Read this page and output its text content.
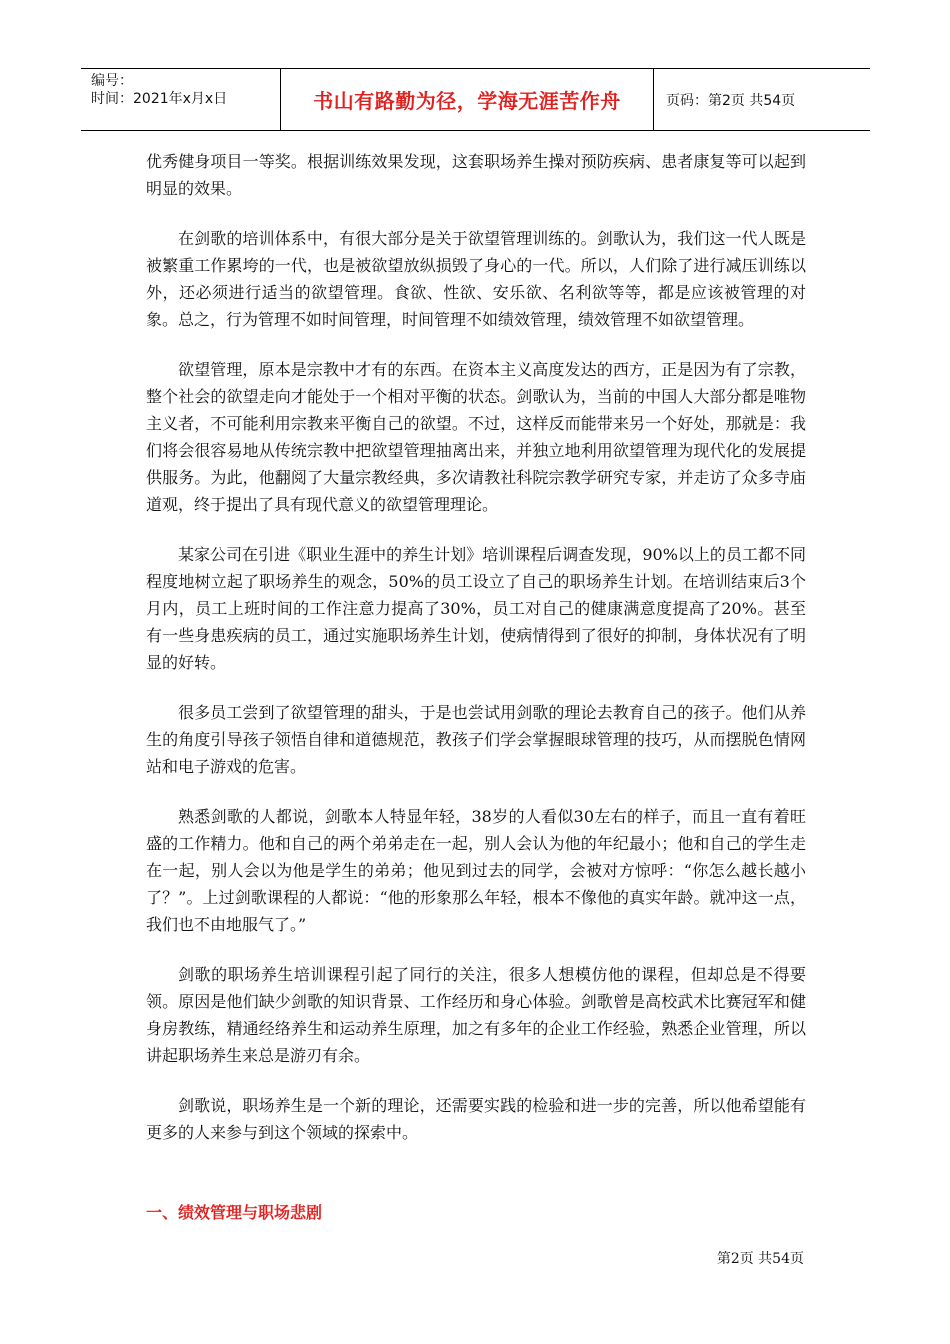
编号：
时间：2021年x月x日	书山有路勤为径，学海无涯苦作舟	页码：第2页 共54页

优秀健身项目一等奖。根据训练效果发现，这套职场养生操对预防疾病、患者康复等可以起到明显的效果。

在剑歌的培训体系中，有很大部分是关于欲望管理训练的。剑歌认为，我们这一代人既是被繁重工作累垮的一代，也是被欲望放纵损毁了身心的一代。所以，人们除了进行减压训练以外，还必须进行适当的欲望管理。食欲、性欲、安乐欲、名利欲等等，都是应该被管理的对象。总之，行为管理不如时间管理，时间管理不如绩效管理，绩效管理不如欲望管理。

欲望管理，原本是宗教中才有的东西。在资本主义高度发达的西方，正是因为有了宗教，整个社会的欲望走向才能处于一个相对平衡的状态。剑歌认为，当前的中国人大部分都是唯物主义者，不可能利用宗教来平衡自己的欲望。不过，这样反而能带来另一个好处，那就是：我们将会很容易地从传统宗教中把欲望管理抽离出来，并独立地利用欲望管理为现代化的发展提供服务。为此，他翻阅了大量宗教经典，多次请教社科院宗教学研究专家，并走访了众多寺庙道观，终于提出了具有现代意义的欲望管理理论。

某家公司在引进《职业生涯中的养生计划》培训课程后调查发现，90%以上的员工都不同程度地树立起了职场养生的观念，50%的员工设立了自己的职场养生计划。在培训结束后3个月内，员工上班时间的工作注意力提高了30%，员工对自己的健康满意度提高了20%。甚至有一些身患疾病的员工，通过实施职场养生计划，使病情得到了很好的抑制，身体状况有了明显的好转。

很多员工尝到了欲望管理的甜头，于是也尝试用剑歌的理论去教育自己的孩子。他们从养生的角度引导孩子领悟自律和道德规范，教孩子们学会掌握眼球管理的技巧，从而摆脱色情网站和电子游戏的危害。

熟悉剑歌的人都说，剑歌本人特显年轻，38岁的人看似30左右的样子，而且一直有着旺盛的工作精力。他和自己的两个弟弟走在一起，别人会认为他的年纪最小；他和自己的学生走在一起，别人会以为他是学生的弟弟；他见到过去的同学，会被对方惊呼：“你怎么越长越小了？”。上过剑歌课程的人都说：“他的形象那么年轻，根本不像他的真实年龄。就冲这一点，我们也不由地服气了。”

剑歌的职场养生培训课程引起了同行的关注，很多人想模仿他的课程，但却总是不得要领。原因是他们缺少剑歌的知识背景、工作经历和身心体验。剑歌曾是高校武术比赛冠军和健身房教练，精通经络养生和运动养生原理，加之有多年的企业工作经验，熟悉企业管理，所以讲起职场养生来总是游刃有余。

剑歌说，职场养生是一个新的理论，还需要实践的检验和进一步的完善，所以他希望能有更多的人来参与到这个领域的探索中。

一、绩效管理与职场悲剧
第2页 共54页
